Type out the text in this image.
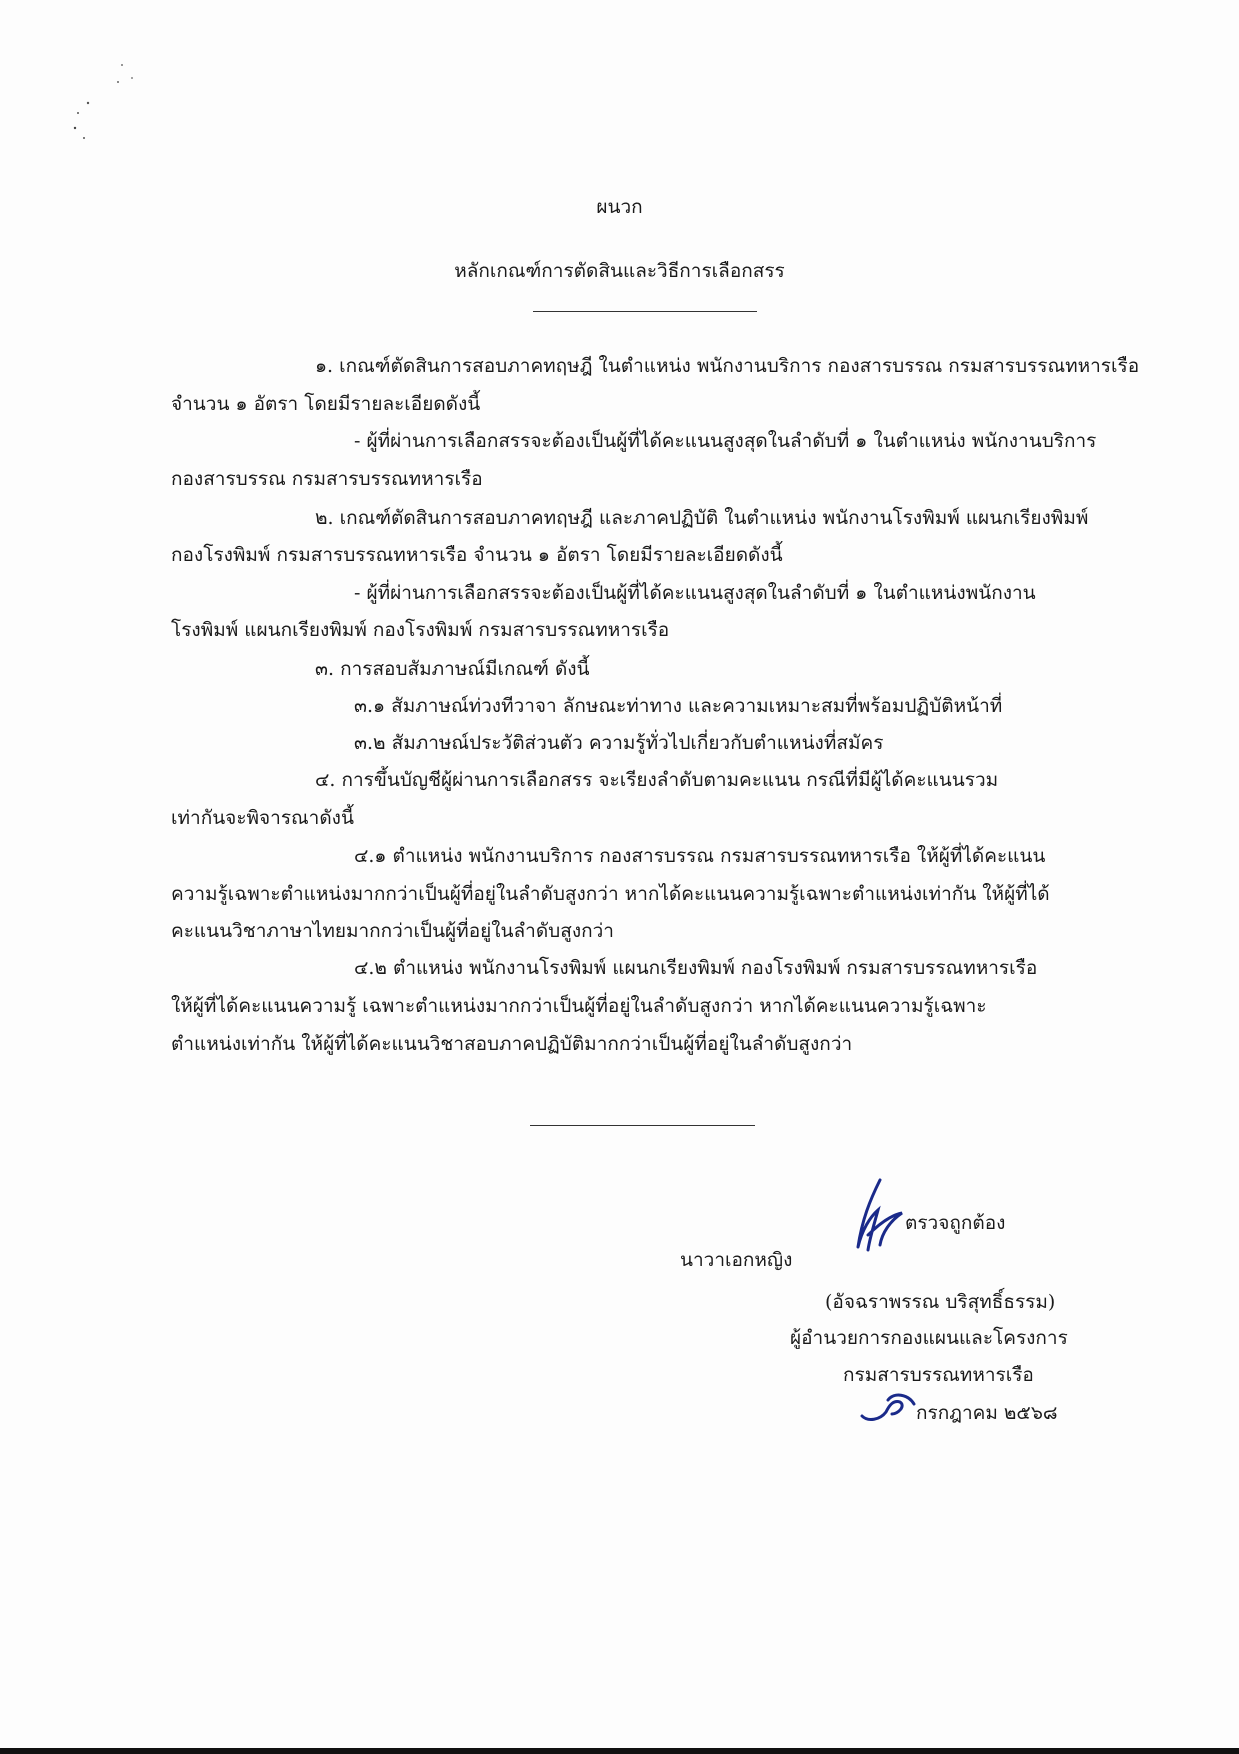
ผนวก
หลักเกณฑ์การตัดสินและวิธีการเลือกสรร
๑. เกณฑ์ตัดสินการสอบภาคทฤษฎี ในตำแหน่ง พนักงานบริการ กองสารบรรณ กรมสารบรรณทหารเรือ
จำนวน ๑ อัตรา โดยมีรายละเอียดดังนี้
- ผู้ที่ผ่านการเลือกสรรจะต้องเป็นผู้ที่ได้คะแนนสูงสุดในลำดับที่ ๑ ในตำแหน่ง พนักงานบริการ
กองสารบรรณ กรมสารบรรณทหารเรือ
๒. เกณฑ์ตัดสินการสอบภาคทฤษฎี และภาคปฏิบัติ ในตำแหน่ง พนักงานโรงพิมพ์ แผนกเรียงพิมพ์
กองโรงพิมพ์ กรมสารบรรณทหารเรือ จำนวน ๑ อัตรา โดยมีรายละเอียดดังนี้
- ผู้ที่ผ่านการเลือกสรรจะต้องเป็นผู้ที่ได้คะแนนสูงสุดในลำดับที่ ๑ ในตำแหน่งพนักงาน
โรงพิมพ์ แผนกเรียงพิมพ์ กองโรงพิมพ์ กรมสารบรรณทหารเรือ
๓. การสอบสัมภาษณ์มีเกณฑ์ ดังนี้
๓.๑ สัมภาษณ์ท่วงทีวาจา ลักษณะท่าทาง และความเหมาะสมที่พร้อมปฏิบัติหน้าที่
๓.๒ สัมภาษณ์ประวัติส่วนตัว ความรู้ทั่วไปเกี่ยวกับตำแหน่งที่สมัคร
๔. การขึ้นบัญชีผู้ผ่านการเลือกสรร จะเรียงลำดับตามคะแนน กรณีที่มีผู้ได้คะแนนรวม
เท่ากันจะพิจารณาดังนี้
๔.๑ ตำแหน่ง พนักงานบริการ กองสารบรรณ กรมสารบรรณทหารเรือ ให้ผู้ที่ได้คะแนน
ความรู้เฉพาะตำแหน่งมากกว่าเป็นผู้ที่อยู่ในลำดับสูงกว่า หากได้คะแนนความรู้เฉพาะตำแหน่งเท่ากัน ให้ผู้ที่ได้
คะแนนวิชาภาษาไทยมากกว่าเป็นผู้ที่อยู่ในลำดับสูงกว่า
๔.๒ ตำแหน่ง พนักงานโรงพิมพ์ แผนกเรียงพิมพ์ กองโรงพิมพ์ กรมสารบรรณทหารเรือ
ให้ผู้ที่ได้คะแนนความรู้ เฉพาะตำแหน่งมากกว่าเป็นผู้ที่อยู่ในลำดับสูงกว่า หากได้คะแนนความรู้เฉพาะ
ตำแหน่งเท่ากัน ให้ผู้ที่ได้คะแนนวิชาสอบภาคปฏิบัติมากกว่าเป็นผู้ที่อยู่ในลำดับสูงกว่า
ตรวจถูกต้อง
นาวาเอกหญิง
(อัจฉราพรรณ บริสุทธิ์ธรรม)
ผู้อำนวยการกองแผนและโครงการ
กรมสารบรรณทหารเรือ
กรกฎาคม ๒๕๖๘
